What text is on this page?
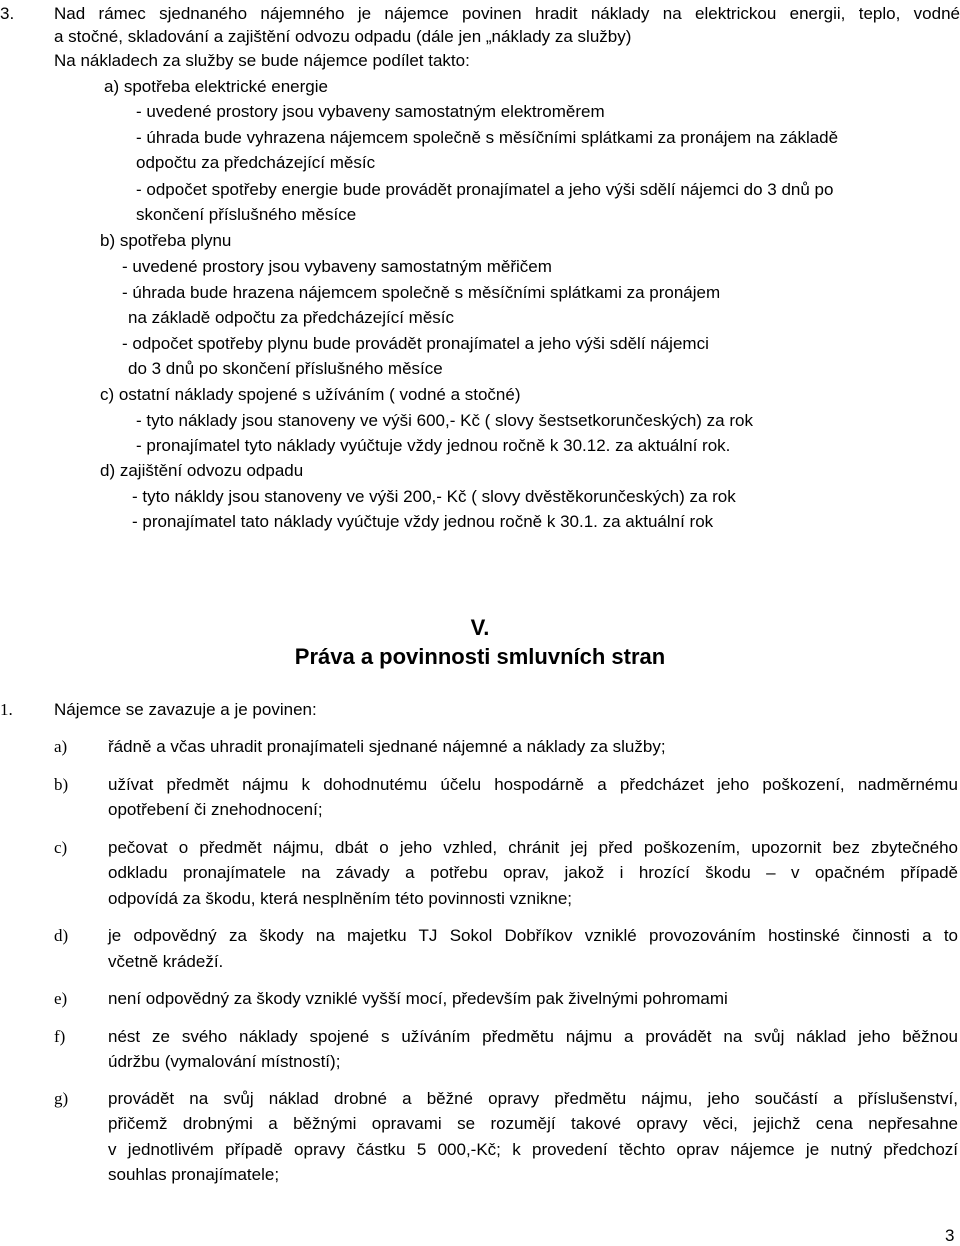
3. Nad rámec sjednaného nájemného je nájemce povinen hradit náklady na elektrickou energii, teplo, vodné
a stočné, skladování a zajištění odvozu odpadu (dále jen „náklady za služby)
Na nákladech za služby se bude nájemce podílet takto:
a) spotřeba elektrické energie
- uvedené prostory jsou vybaveny samostatným elektroměrem
- úhrada bude vyhrazena nájemcem společně s měsíčními splátkami za pronájem na základě
odpočtu za předcházející měsíc
- odpočet spotřeby energie bude provádět pronajímatel a jeho výši sdělí nájemci do 3 dnů po
skončení příslušného měsíce
b) spotřeba plynu
- uvedené prostory jsou vybaveny samostatným měřičem
- úhrada bude hrazena nájemcem společně s měsíčními splátkami za pronájem
na základě odpočtu za předcházející měsíc
- odpočet spotřeby plynu bude provádět pronajímatel a jeho výši sdělí nájemci
do 3 dnů po skončení příslušného měsíce
c) ostatní náklady spojené s užíváním ( vodné a stočné)
- tyto náklady jsou stanoveny ve výši 600,- Kč ( slovy šestsetkorunčeských) za rok
- pronajímatel tyto náklady vyúčtuje vždy jednou ročně k 30.12. za aktuální rok.
d) zajištění odvozu odpadu
- tyto nákldy jsou stanoveny ve výši 200,- Kč ( slovy dvěstěkorunčeských) za rok
- pronajímatel tato náklady vyúčtuje vždy jednou ročně k 30.1. za aktuální rok
V.
Práva a povinnosti smluvních stran
1. Nájemce se zavazuje a je povinen:
a) řádně a včas uhradit pronajímateli sjednané nájemné a náklady za služby;
b) užívat předmět nájmu k dohodnutému účelu hospodárně a předcházet jeho poškození, nadměrnému
opotřebení či znehodnocení;
c) pečovat o předmět nájmu, dbát o jeho vzhled, chránit jej před poškozením, upozornit bez zbytečného
odkladu pronajímatele na závady a potřebu oprav, jakož i hrozící škodu – v opačném případě
odpovídá za škodu, která nesplněním této povinnosti vznikne;
d) je odpovědný za škody na majetku TJ Sokol Dobříkov vzniklé provozováním hostinské činnosti a to
včetně krádeží.
e) není odpovědný za škody vzniklé vyšší mocí, především pak živelnými pohromami
f)	nést ze svého náklady spojené s užíváním předmětu nájmu a provádět na svůj náklad jeho běžnou
údržbu (vymalování místností);
g) provádět na svůj náklad drobné a běžné opravy předmětu nájmu, jeho součástí a příslušenství,
přičemž drobnými a běžnými opravami se rozumějí takové opravy věci, jejichž cena nepřesahne
v jednotlivém případě opravy částku 5 000,-Kč; k provedení těchto oprav nájemce je nutný předchozí
souhlas pronajímatele;
3
